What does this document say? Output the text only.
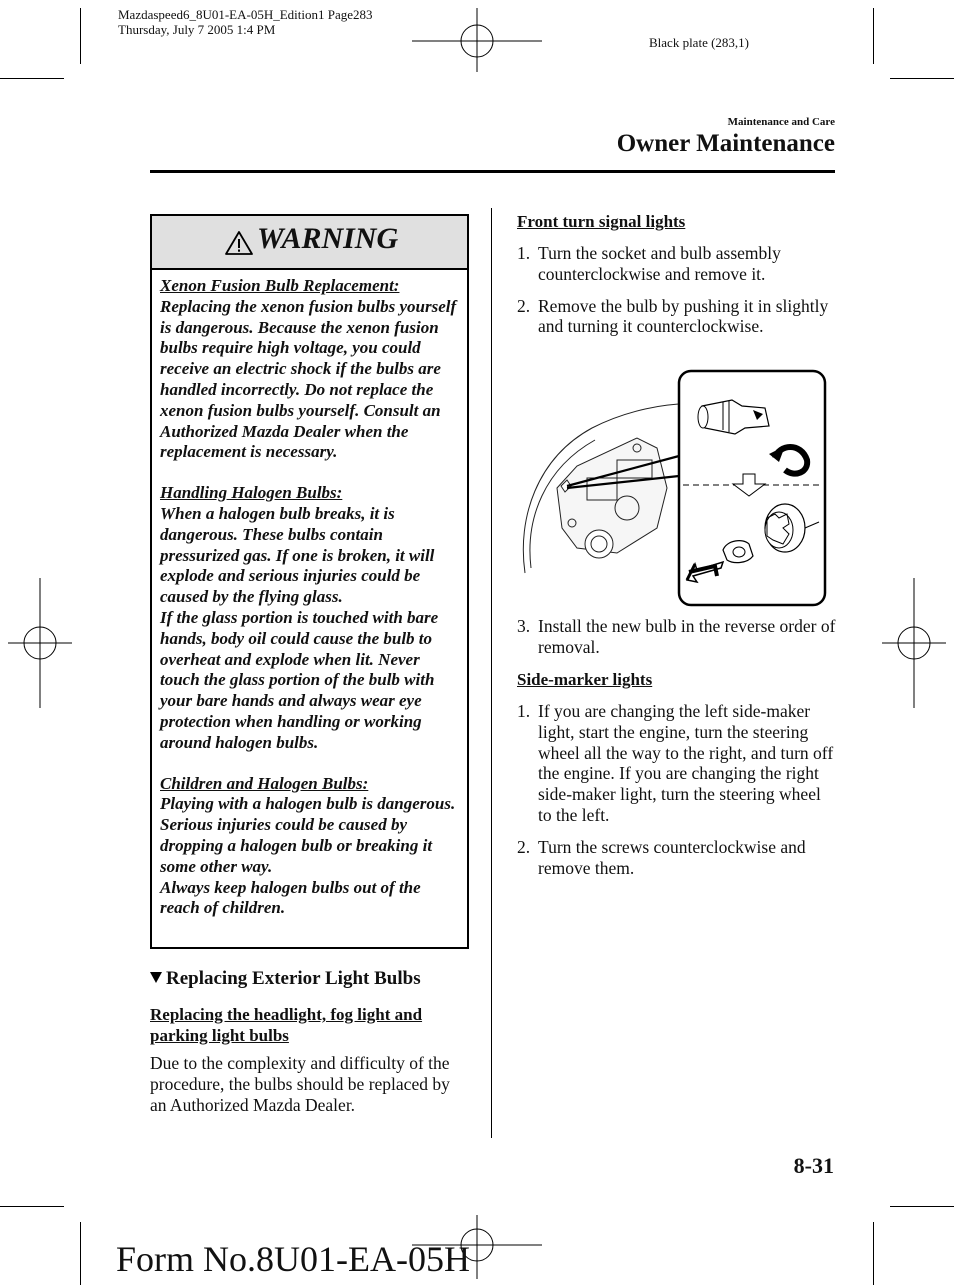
Mazdaspeed6_8U01-EA-05H_Edition1 Page283
Thursday, July 7 2005 1:4 PM
Black plate (283,1)
Maintenance and Care
Owner Maintenance
WARNING

Xenon Fusion Bulb Replacement:
Replacing the xenon fusion bulbs yourself is dangerous. Because the xenon fusion bulbs require high voltage, you could receive an electric shock if the bulbs are handled incorrectly. Do not replace the xenon fusion bulbs yourself. Consult an Authorized Mazda Dealer when the replacement is necessary.

Handling Halogen Bulbs:
When a halogen bulb breaks, it is dangerous. These bulbs contain pressurized gas. If one is broken, it will explode and serious injuries could be caused by the flying glass.
If the glass portion is touched with bare hands, body oil could cause the bulb to overheat and explode when lit. Never touch the glass portion of the bulb with your bare hands and always wear eye protection when handling or working around halogen bulbs.

Children and Halogen Bulbs:
Playing with a halogen bulb is dangerous. Serious injuries could be caused by dropping a halogen bulb or breaking it some other way.
Always keep halogen bulbs out of the reach of children.

Replacing Exterior Light Bulbs
Replacing the headlight, fog light and parking light bulbs
Due to the complexity and difficulty of the procedure, the bulbs should be replaced by an Authorized Mazda Dealer.
Front turn signal lights
1. Turn the socket and bulb assembly counterclockwise and remove it.
2. Remove the bulb by pushing it in slightly and turning it counterclockwise.
3. Install the new bulb in the reverse order of removal.
Side-marker lights
1. If you are changing the left side-maker light, start the engine, turn the steering wheel all the way to the right, and turn off the engine. If you are changing the right side-maker light, turn the steering wheel to the left.
2. Turn the screws counterclockwise and remove them.
8-31
Form No.8U01-EA-05H
